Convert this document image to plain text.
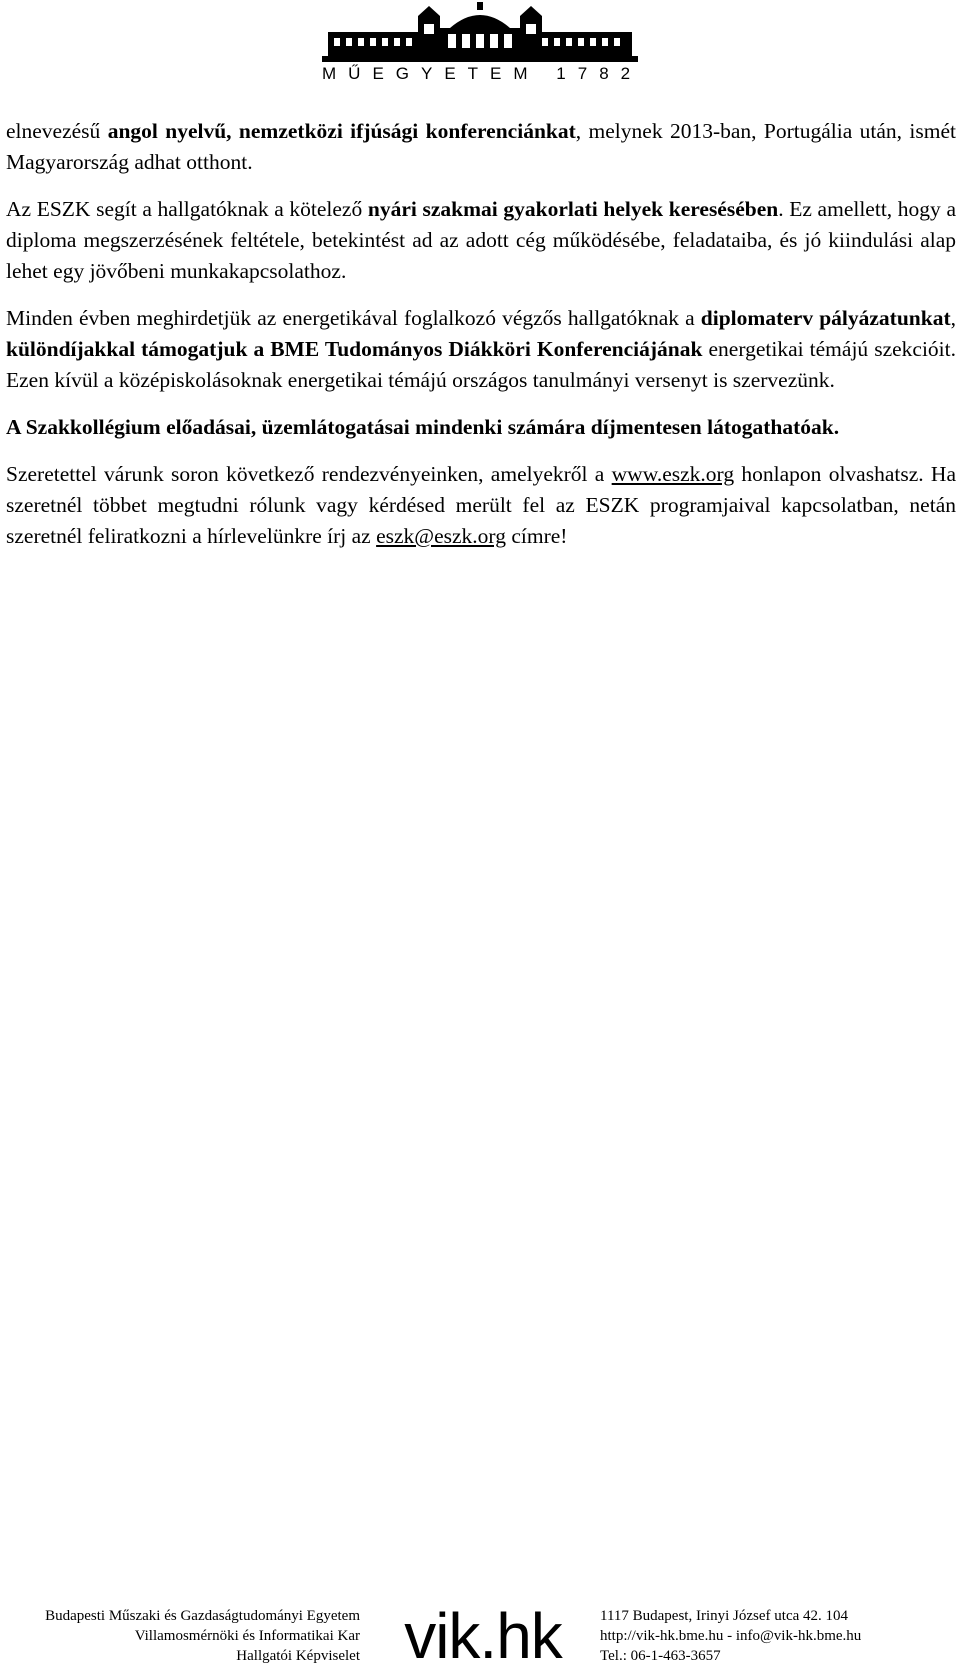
MŰEGYETEM 1782

elnevezésű angol nyelvű, nemzetközi ifjúsági konferenciánkat, melynek 2013-ban, Portugália után, ismét Magyarország adhat otthont.

Az ESZK segít a hallgatóknak a kötelező nyári szakmai gyakorlati helyek keresésében. Ez amellett, hogy a diploma megszerzésének feltétele, betekintést ad az adott cég működésébe, feladataiba, és jó kiindulási alap lehet egy jövőbeni munkakapcsolathoz.

Minden évben meghirdetjük az energetikával foglalkozó végzős hallgatóknak a diplomaterv pályázatunkat, különdíjakkal támogatjuk a BME Tudományos Diákköri Konferenciájának energetikai témájú szekcióit. Ezen kívül a középiskolásoknak energetikai témájú országos tanulmányi versenyt is szervezünk.

A Szakkollégium előadásai, üzemlátogatásai mindenki számára díjmentesen látogathatóak.

Szeretettel várunk soron következő rendezvényeinken, amelyekről a www.eszk.org honlapon olvashatsz. Ha szeretnél többet megtudni rólunk vagy kérdésed merült fel az ESZK programjaival kapcsolatban, netán szeretnél feliratkozni a hírlevelünkre írj az eszk@eszk.org címre!

Budapesti Műszaki és Gazdaságtudományi Egyetem
Villamosmérnöki és Informatikai Kar
Hallgatói Képviselet vik.hk	1117 Budapest, Irinyi József utca 42. 104
http://vik-hk.bme.hu - info@vik-hk.bme.hu
Tel.: 06-1-463-3657
